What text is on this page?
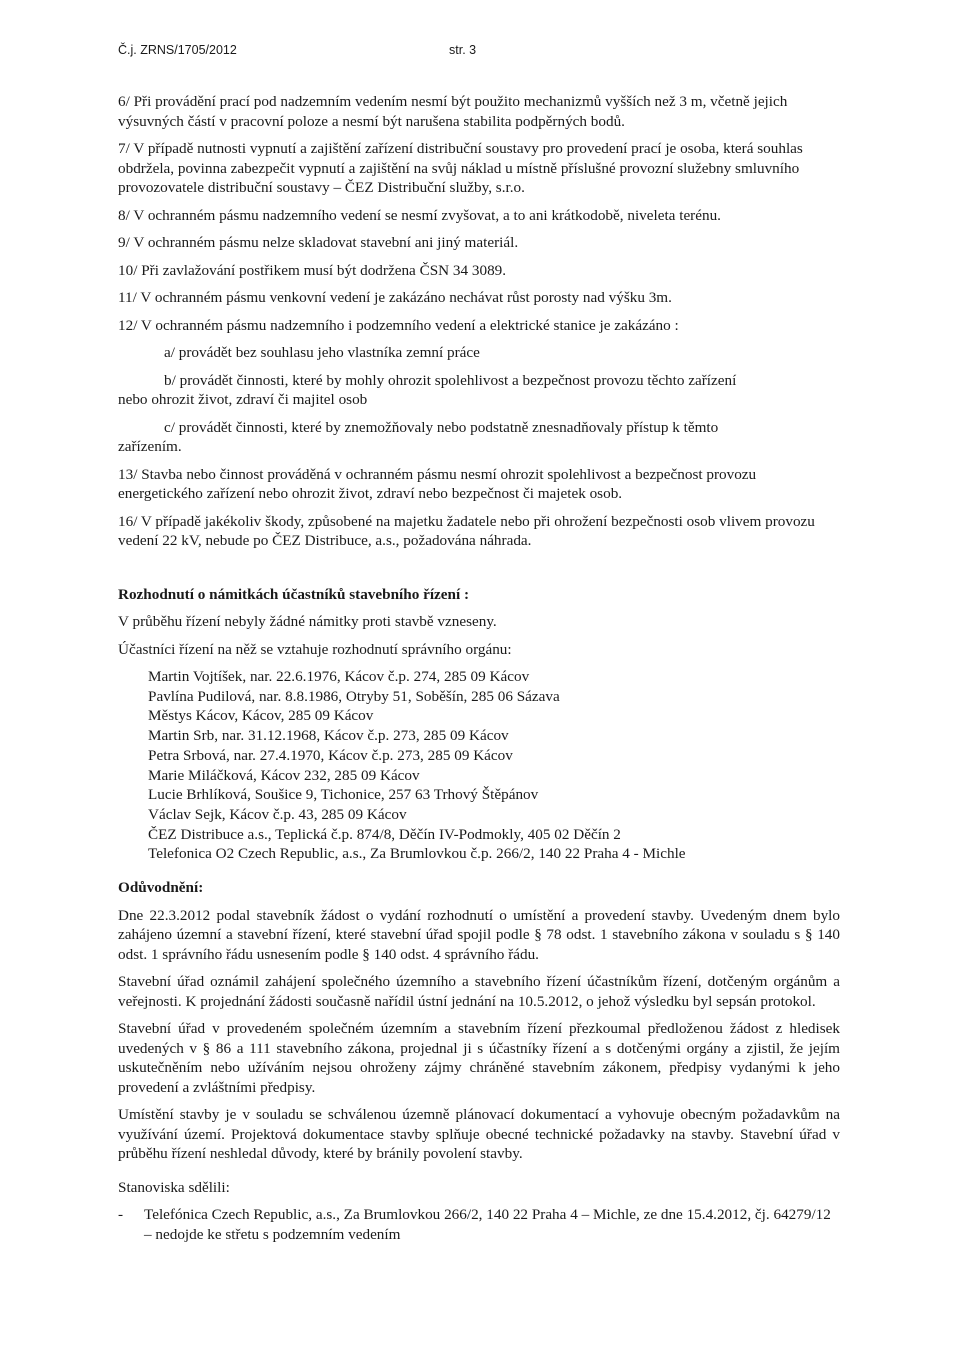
Č.j. ZRNS/1705/2012	str. 3

6/ Při provádění prací pod nadzemním vedením nesmí být použito mechanizmů vyšších než 3 m, včetně jejich výsuvných částí v pracovní poloze a nesmí být narušena stabilita podpěrných bodů.

7/ V případě nutnosti vypnutí a zajištění zařízení distribuční soustavy pro provedení prací je osoba, která souhlas obdržela, povinna zabezpečit vypnutí a zajištění na svůj náklad u místně příslušné provozní služebny smluvního provozovatele distribuční soustavy – ČEZ Distribuční služby, s.r.o.

8/ V ochranném pásmu nadzemního vedení se nesmí zvyšovat, a to ani krátkodobě, niveleta terénu.

9/ V ochranném pásmu nelze skladovat stavební ani jiný materiál.

10/ Při zavlažování postřikem musí být dodržena ČSN 34 3089.

11/ V ochranném pásmu venkovní vedení je zakázáno nechávat růst porosty nad výšku 3m.

12/ V ochranném pásmu nadzemního i podzemního vedení a elektrické stanice je zakázáno :

a/ provádět bez souhlasu jeho vlastníka zemní práce

b/ provádět činnosti, které by mohly ohrozit spolehlivost a bezpečnost provozu těchto zařízení

nebo ohrozit život, zdraví či majitel osob

c/ provádět činnosti, které by znemožňovaly nebo podstatně znesnadňovaly přístup k těmto

zařízením.

13/ Stavba nebo činnost prováděná v ochranném pásmu nesmí ohrozit spolehlivost a bezpečnost provozu energetického zařízení nebo ohrozit život, zdraví nebo bezpečnost či majetek osob.

16/ V případě jakékoliv škody, způsobené na majetku žadatele nebo při ohrožení bezpečnosti osob vlivem provozu vedení 22 kV, nebude po ČEZ Distribuce, a.s., požadována náhrada.

Rozhodnutí o námitkách účastníků stavebního řízení :

V průběhu řízení nebyly žádné námitky proti stavbě vzneseny.

Účastníci řízení na něž se vztahuje rozhodnutí správního orgánu:

Martin Vojtíšek, nar. 22.6.1976, Kácov č.p. 274, 285 09 Kácov
Pavlína Pudilová, nar. 8.8.1986, Otryby 51, Soběšín, 285 06 Sázava
Městys Kácov, Kácov, 285 09 Kácov
Martin Srb, nar. 31.12.1968, Kácov č.p. 273, 285 09 Kácov
Petra Srbová, nar. 27.4.1970, Kácov č.p. 273, 285 09 Kácov
Marie Miláčková, Kácov 232, 285 09 Kácov
Lucie Brhlíková, Soušice 9, Tichonice, 257 63 Trhový Štěpánov
Václav Sejk, Kácov č.p. 43, 285 09 Kácov
ČEZ Distribuce a.s., Teplická č.p. 874/8, Děčín IV-Podmokly, 405 02 Děčín 2
Telefonica O2 Czech Republic, a.s., Za Brumlovkou č.p. 266/2, 140 22 Praha 4 - Michle

Odůvodnění:

Dne 22.3.2012 podal stavebník žádost o vydání rozhodnutí o umístění a provedení stavby. Uvedeným dnem bylo zahájeno územní a stavební řízení, které stavební úřad spojil podle § 78 odst. 1 stavebního zákona v souladu s § 140 odst. 1 správního řádu usnesením podle § 140 odst. 4 správního řádu.

Stavební úřad oznámil zahájení společného územního a stavebního řízení účastníkům řízení, dotčeným orgánům a veřejnosti. K projednání žádosti současně nařídil ústní jednání na 10.5.2012, o jehož výsledku byl sepsán protokol.

Stavební úřad v provedeném společném územním a stavebním řízení přezkoumal předloženou žádost z hledisek uvedených v § 86 a 111 stavebního zákona, projednal ji s účastníky řízení a s dotčenými orgány a zjistil, že jejím uskutečněním nebo užíváním nejsou ohroženy zájmy chráněné stavebním zákonem, předpisy vydanými k jeho provedení a zvláštními předpisy.

Umístění stavby je v souladu se schválenou územně plánovací dokumentací a vyhovuje obecným požadavkům na využívání území. Projektová dokumentace stavby splňuje obecné technické požadavky na stavby. Stavební úřad v průběhu řízení neshledal důvody, které by bránily povolení stavby.

Stanoviska sdělili:

-	Telefónica Czech Republic, a.s., Za Brumlovkou 266/2, 140 22 Praha 4 – Michle, ze dne 15.4.2012, čj. 64279/12 – nedojde ke střetu s podzemním vedením
